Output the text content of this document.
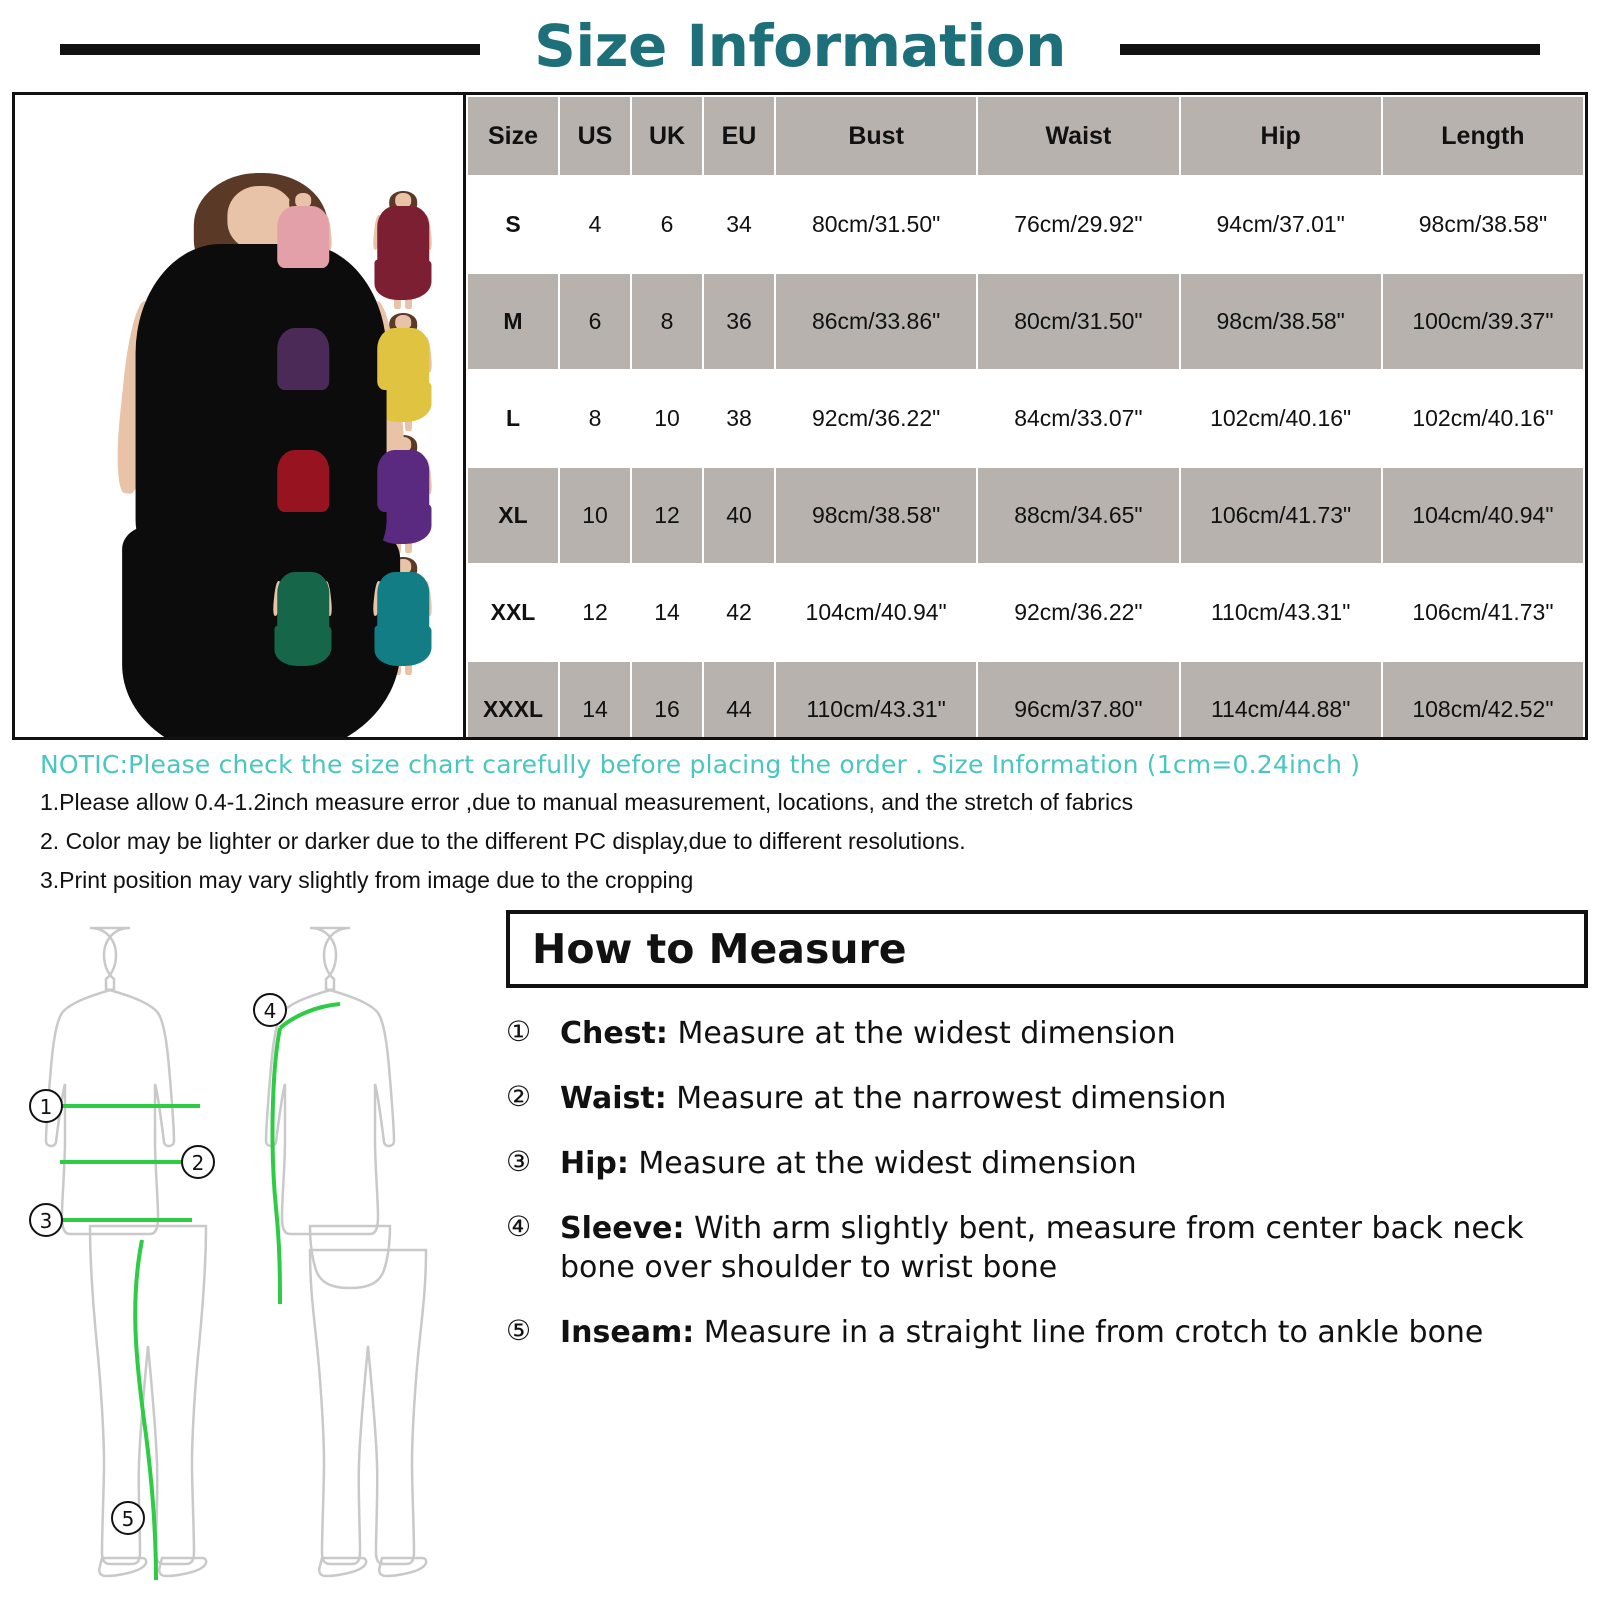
Size Information
Size	US	UK	EU	Bust	Waist	Hip	Length
S	4	6	34	80cm/31.50"	76cm/29.92"	94cm/37.01"	98cm/38.58"
M	6	8	36	86cm/33.86"	80cm/31.50"	98cm/38.58"	100cm/39.37"
L	8	10	38	92cm/36.22"	84cm/33.07"	102cm/40.16"	102cm/40.16"
XL	10	12	40	98cm/38.58"	88cm/34.65"	106cm/41.73"	104cm/40.94"
XXL	12	14	42	104cm/40.94"	92cm/36.22"	110cm/43.31"	106cm/41.73"
XXXL	14	16	44	110cm/43.31"	96cm/37.80"	114cm/44.88"	108cm/42.52"
NOTIC:Please check the size chart carefully before placing the order . Size Information (1cm=0.24inch )
1.Please allow 0.4-1.2inch measure error ,due to manual measurement, locations, and the stretch of fabrics
2. Color may be lighter or darker due to the different PC display,due to different resolutions.
3.Print position may vary slightly from image due to the cropping
1
2
3
4
5
How to Measure
① Chest: Measure at the widest dimension
② Waist: Measure at the narrowest dimension
③ Hip: Measure at the widest dimension
④ Sleeve: With arm slightly bent, measure from center back neck bone over shoulder to wrist bone
⑤ Inseam: Measure in a straight line from crotch to ankle bone
